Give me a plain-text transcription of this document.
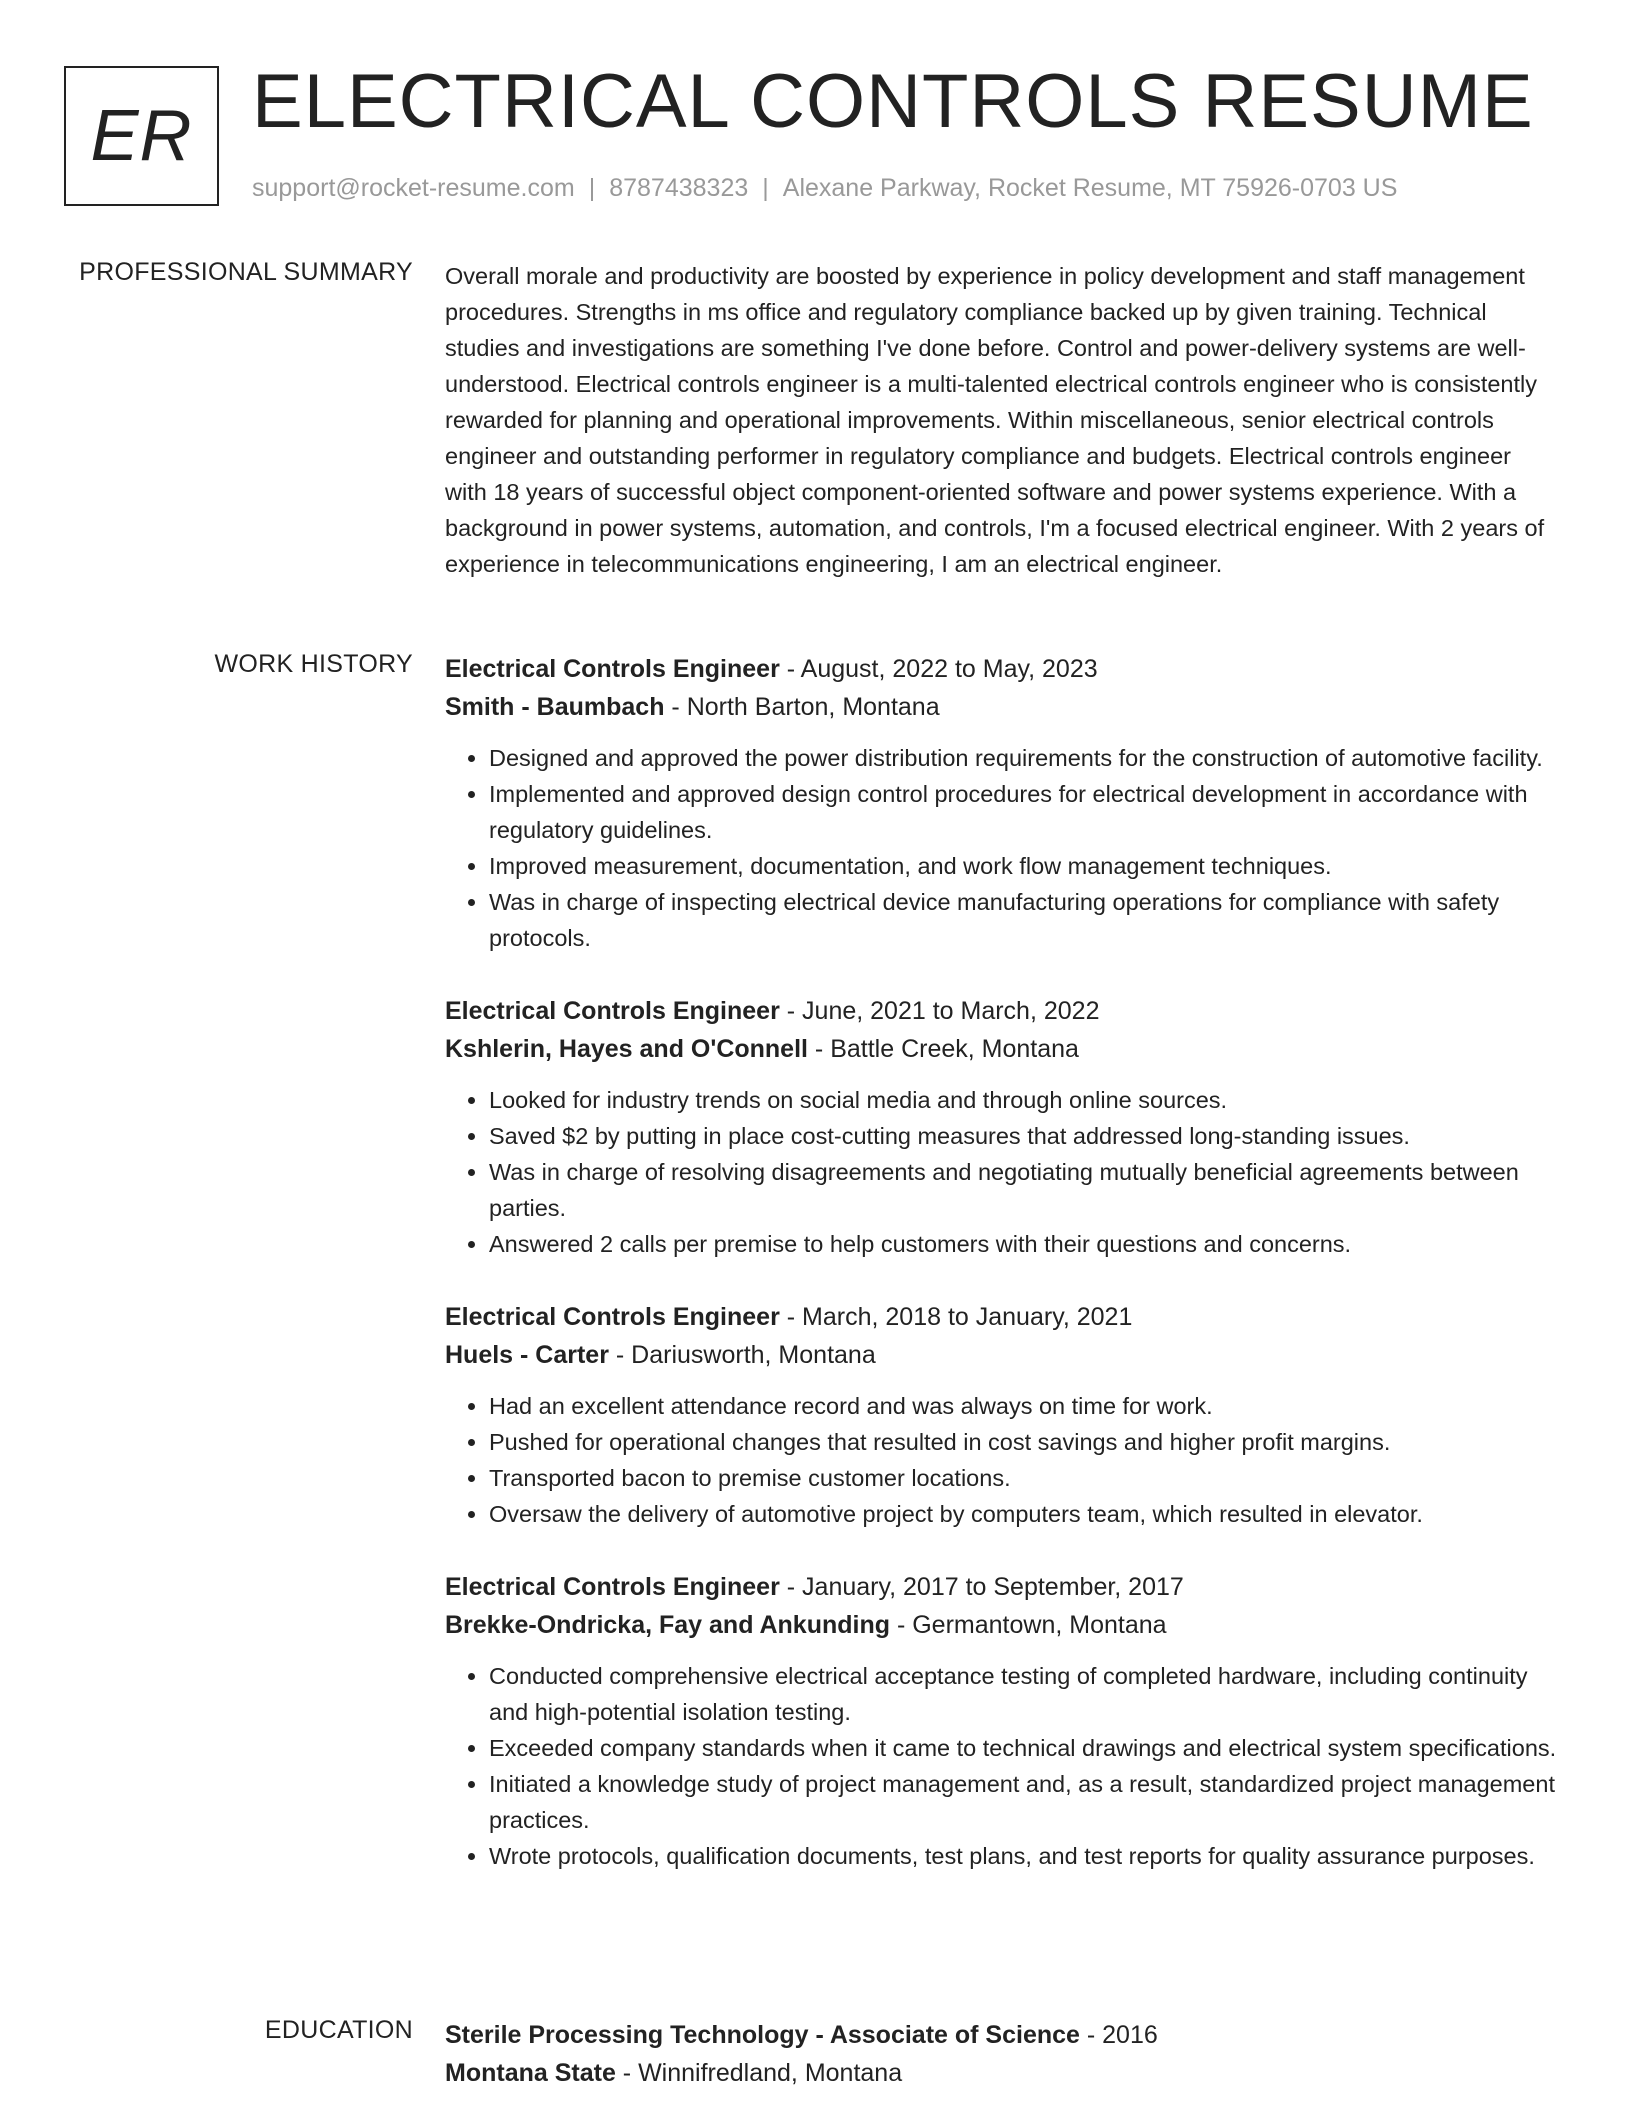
ER ELECTRICAL CONTROLS RESUME
support@rocket-resume.com | 8787438323 | Alexane Parkway, Rocket Resume, MT 75926-0703 US
PROFESSIONAL SUMMARY Overall morale and productivity are boosted by experience in policy development and staff management procedures. Strengths in ms office and regulatory compliance backed up by given training. Technical studies and investigations are something I've done before. Control and power-delivery systems are well-understood. Electrical controls engineer is a multi-talented electrical controls engineer who is consistently rewarded for planning and operational improvements. Within miscellaneous, senior electrical controls engineer and outstanding performer in regulatory compliance and budgets. Electrical controls engineer with 18 years of successful object component-oriented software and power systems experience. With a background in power systems, automation, and controls, I'm a focused electrical engineer. With 2 years of experience in telecommunications engineering, I am an electrical engineer.

WORK HISTORY Electrical Controls Engineer - August, 2022 to May, 2023
Smith - Baumbach - North Barton, Montana
• Designed and approved the power distribution requirements for the construction of automotive facility.
• Implemented and approved design control procedures for electrical development in accordance with regulatory guidelines.
• Improved measurement, documentation, and work flow management techniques.
• Was in charge of inspecting electrical device manufacturing operations for compliance with safety protocols.
Electrical Controls Engineer - June, 2021 to March, 2022
Kshlerin, Hayes and O'Connell - Battle Creek, Montana
• Looked for industry trends on social media and through online sources.
• Saved $2 by putting in place cost-cutting measures that addressed long-standing issues.
• Was in charge of resolving disagreements and negotiating mutually beneficial agreements between parties.
• Answered 2 calls per premise to help customers with their questions and concerns.
Electrical Controls Engineer - March, 2018 to January, 2021
Huels - Carter - Dariusworth, Montana
• Had an excellent attendance record and was always on time for work.
• Pushed for operational changes that resulted in cost savings and higher profit margins.
• Transported bacon to premise customer locations.
• Oversaw the delivery of automotive project by computers team, which resulted in elevator.
Electrical Controls Engineer - January, 2017 to September, 2017
Brekke-Ondricka, Fay and Ankunding - Germantown, Montana
• Conducted comprehensive electrical acceptance testing of completed hardware, including continuity and high-potential isolation testing.
• Exceeded company standards when it came to technical drawings and electrical system specifications.
• Initiated a knowledge study of project management and, as a result, standardized project management practices.
• Wrote protocols, qualification documents, test plans, and test reports for quality assurance purposes.
EDUCATION Sterile Processing Technology - Associate of Science - 2016
Montana State - Winnifredland, Montana
